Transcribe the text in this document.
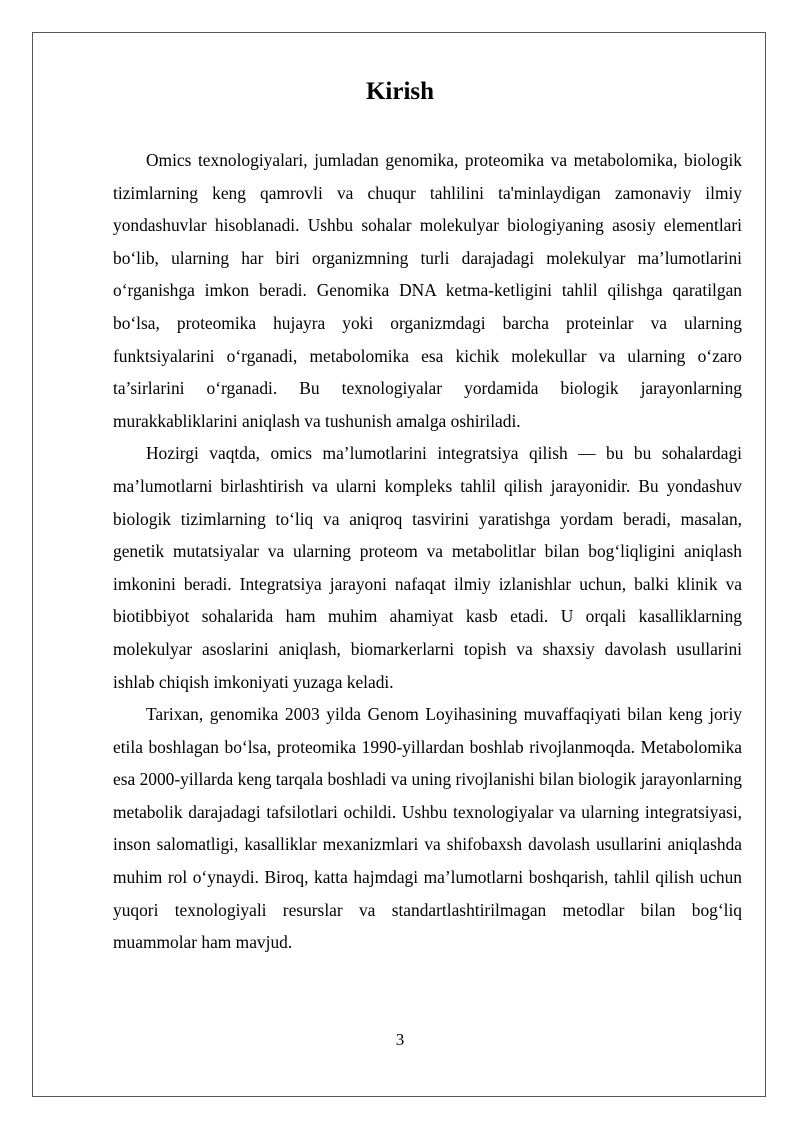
Kirish

Omics texnologiyalari, jumladan genomika, proteomika va metabolomika, biologik tizimlarning keng qamrovli va chuqur tahlilini ta'minlaydigan zamonaviy ilmiy yondashuvlar hisoblanadi. Ushbu sohalar molekulyar biologiyaning asosiy elementlari bo‘lib, ularning har biri organizmning turli darajadagi molekulyar ma’lumotlarini o‘rganishga imkon beradi. Genomika DNA ketma-ketligini tahlil qilishga qaratilgan bo‘lsa, proteomika hujayra yoki organizmdagi barcha proteinlar va ularning funktsiyalarini o‘rganadi, metabolomika esa kichik molekullar va ularning o‘zaro ta’sirlarini o‘rganadi. Bu texnologiyalar yordamida biologik jarayonlarning murakkabliklarini aniqlash va tushunish amalga oshiriladi.

Hozirgi vaqtda, omics ma’lumotlarini integratsiya qilish — bu bu sohalardagi ma’lumotlarni birlashtirish va ularni kompleks tahlil qilish jarayonidir. Bu yondashuv biologik tizimlarning to‘liq va aniqroq tasvirini yaratishga yordam beradi, masalan, genetik mutatsiyalar va ularning proteom va metabolitlar bilan bog‘liqligini aniqlash imkonini beradi. Integratsiya jarayoni nafaqat ilmiy izlanishlar uchun, balki klinik va biotibbiyot sohalarida ham muhim ahamiyat kasb etadi. U orqali kasalliklarning molekulyar asoslarini aniqlash, biomarkerlarni topish va shaxsiy davolash usullarini ishlab chiqish imkoniyati yuzaga keladi.

Tarixan, genomika 2003 yilda Genom Loyihasining muvaffaqiyati bilan keng joriy etila boshlagan bo‘lsa, proteomika 1990-yillardan boshlab rivojlanmoqda. Metabolomika esa 2000-yillarda keng tarqala boshladi va uning rivojlanishi bilan biologik jarayonlarning metabolik darajadagi tafsilotlari ochildi. Ushbu texnologiyalar va ularning integratsiyasi, inson salomatligi, kasalliklar mexanizmlari va shifobaxsh davolash usullarini aniqlashda muhim rol o‘ynaydi. Biroq, katta hajmdagi ma’lumotlarni boshqarish, tahlil qilish uchun yuqori texnologiyali resurslar va standartlashtirilmagan metodlar bilan bog‘liq muammolar ham mavjud.

3
